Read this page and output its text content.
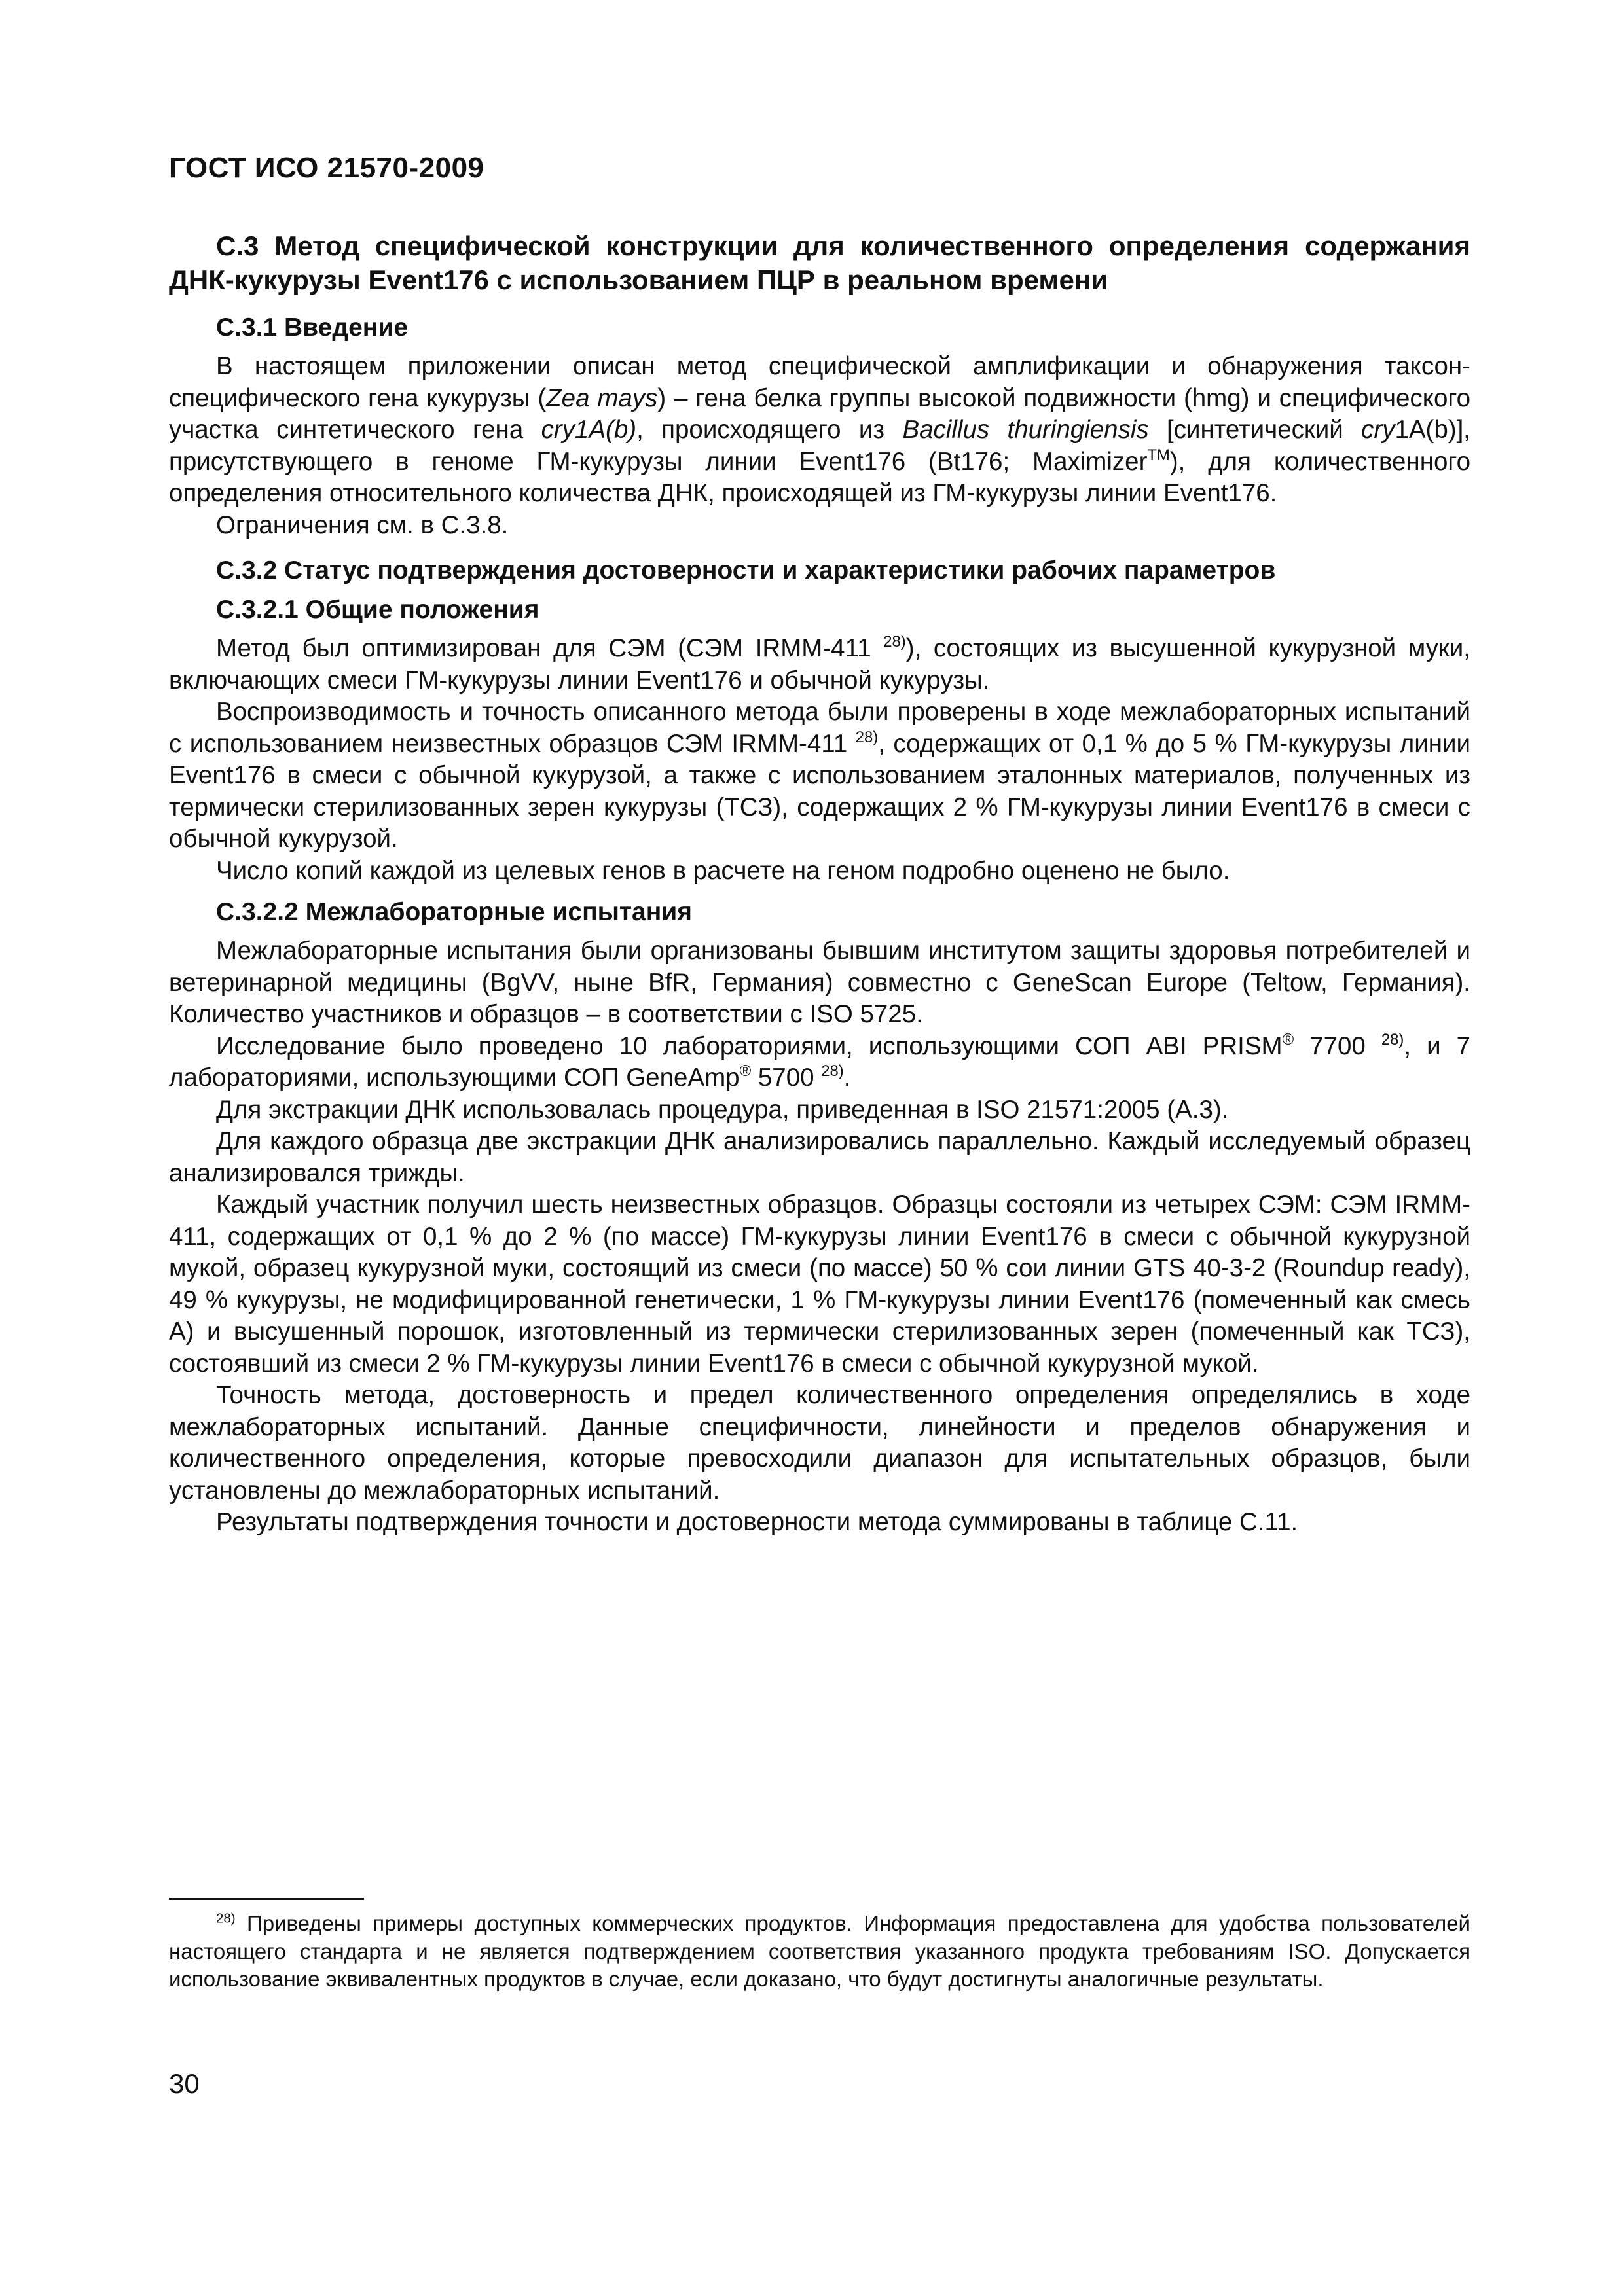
ГОСТ ИСО 21570-2009
С.3 Метод специфической конструкции для количественного определения содержания ДНК-кукурузы Event176 с использованием ПЦР в реальном времени
С.3.1 Введение

В настоящем приложении описан метод специфической амплификации и обнаружения таксон-специфического гена кукурузы (Zea mays) – гена белка группы высокой подвижности (hmg) и специфического участка синтетического гена cry1A(b), происходящего из Bacillus thuringiensis [синтетический cry1A(b)], присутствующего в геноме ГМ-кукурузы линии Event176 (Bt176; Maximizer™), для количественного определения относительного количества ДНК, происходящей из ГМ-кукурузы линии Event176.

Ограничения см. в С.3.8.

С.3.2 Статус подтверждения достоверности и характеристики рабочих параметров
С.3.2.1 Общие положения

Метод был оптимизирован для СЭМ (СЭМ IRMM-411 $^{28)}$), состоящих из высушенной кукурузной муки, включающих смеси ГМ-кукурузы линии Event176 и обычной кукурузы.

Воспроизводимость и точность описанного метода были проверены в ходе межлабораторных испытаний с использованием неизвестных образцов СЭМ IRMM-411 $^{28)}$, содержащих от 0,1 % до 5 % ГМ-кукурузы линии Event176 в смеси с обычной кукурузой, а также с использованием эталонных материалов, полученных из термически стерилизованных зерен кукурузы (ТСЗ), содержащих 2 % ГМ-кукурузы линии Event176 в смеси с обычной кукурузой.

Число копий каждой из целевых генов в расчете на геном подробно оценено не было.

С.3.2.2 Межлабораторные испытания

Межлабораторные испытания были организованы бывшим институтом защиты здоровья потребителей и ветеринарной медицины (BgVV, ныне BfR, Германия) совместно с GeneScan Europe (Teltow, Германия). Количество участников и образцов – в соответствии с ISO 5725.

Исследование было проведено 10 лабораториями, использующими СОП ABI PRISM® 7700 $^{28)}$, и 7 лабораториями, использующими СОП GeneAmp® 5700 $^{28)}$.

Для экстракции ДНК использовалась процедура, приведенная в ISO 21571:2005 (А.3).

Для каждого образца две экстракции ДНК анализировались параллельно. Каждый исследуемый образец анализировался трижды.

Каждый участник получил шесть неизвестных образцов. Образцы состояли из четырех СЭМ: СЭМ IRMM-411, содержащих от 0,1 % до 2 % (по массе) ГМ-кукурузы линии Event176 в смеси с обычной кукурузной мукой, образец кукурузной муки, состоящий из смеси (по массе) 50 % сои линии GTS 40-3-2 (Roundup ready), 49 % кукурузы, не модифицированной генетически, 1 % ГМ-кукурузы линии Event176 (помеченный как смесь А) и высушенный порошок, изготовленный из термически стерилизованных зерен (помеченный как ТСЗ), состоявший из смеси 2 % ГМ-кукурузы линии Event176 в смеси с обычной кукурузной мукой.

Точность метода, достоверность и предел количественного определения определялись в ходе межлабораторных испытаний. Данные специфичности, линейности и пределов обнаружения и количественного определения, которые превосходили диапазон для испытательных образцов, были установлены до межлабораторных испытаний.

Результаты подтверждения точности и достоверности метода суммированы в таблице С.11.

$^{28)}$ Приведены примеры доступных коммерческих продуктов. Информация предоставлена для удобства пользователей настоящего стандарта и не является подтверждением соответствия указанного продукта требованиям ISO. Допускается использование эквивалентных продуктов в случае, если доказано, что будут достигнуты аналогичные результаты.

30
